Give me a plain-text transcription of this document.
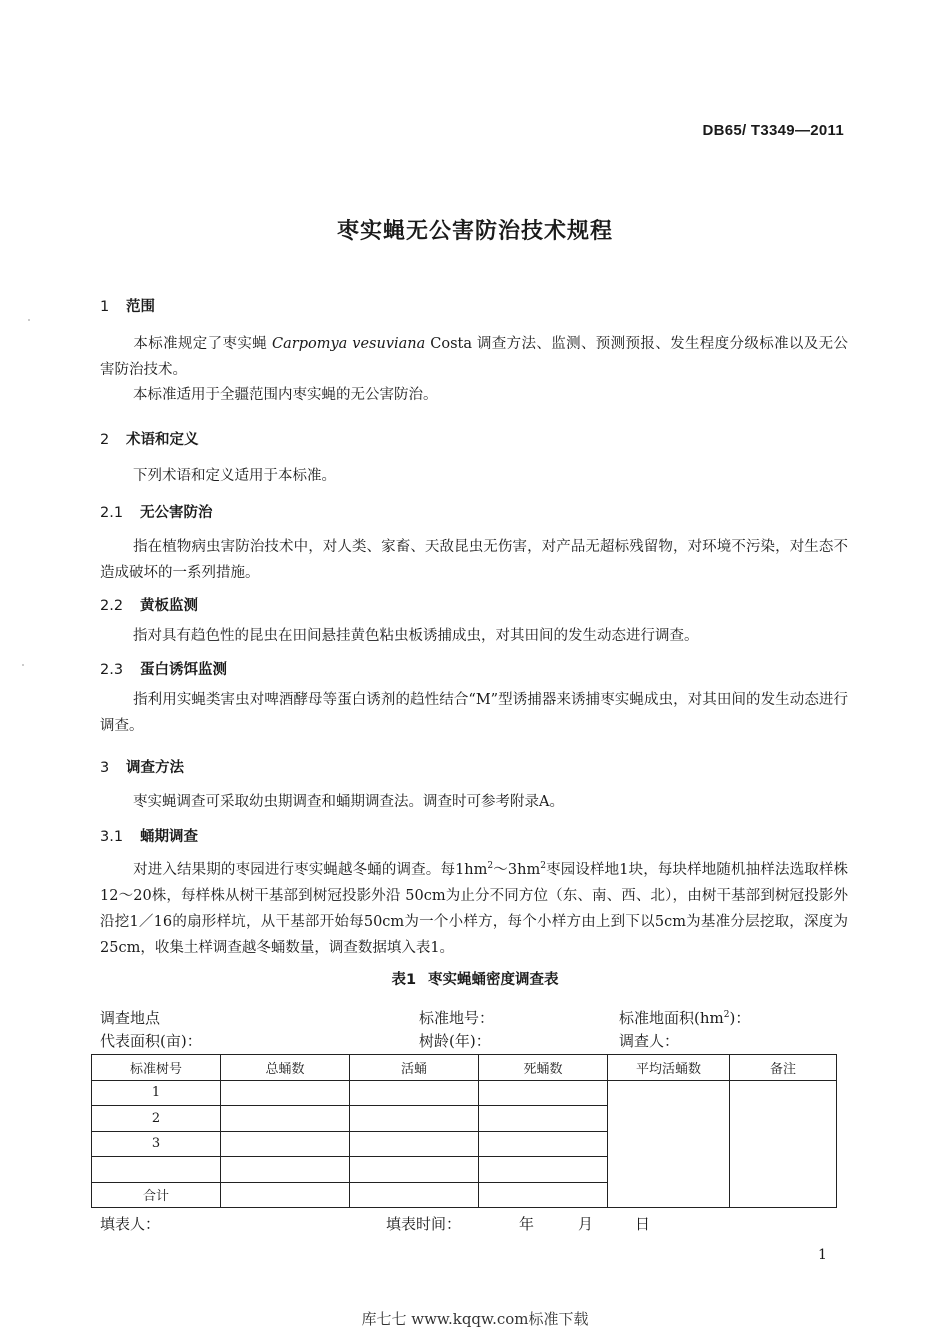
DB65/ T3349—2011
枣实蝇无公害防治技术规程
1 范围
本标准规定了枣实蝇 Carpomya vesuviana Costa 调查方法、监测、预测预报、发生程度分级标准以及无公害防治技术。
本标准适用于全疆范围内枣实蝇的无公害防治。
2 术语和定义
下列术语和定义适用于本标准。
2.1 无公害防治
指在植物病虫害防治技术中，对人类、家畜、天敌昆虫无伤害，对产品无超标残留物，对环境不污染，对生态不造成破坏的一系列措施。
2.2 黄板监测
指对具有趋色性的昆虫在田间悬挂黄色粘虫板诱捕成虫，对其田间的发生动态进行调查。
2.3 蛋白诱饵监测
指利用实蝇类害虫对啤酒酵母等蛋白诱剂的趋性结合“M”型诱捕器来诱捕枣实蝇成虫，对其田间的发生动态进行调查。
3 调查方法
枣实蝇调查可采取幼虫期调查和蛹期调查法。调查时可参考附录A。
3.1 蛹期调查
对进入结果期的枣园进行枣实蝇越冬蛹的调查。每$1hm^2\sim 3hm^2$枣园设样地1块，每块样地随机抽样法选取样株12～20株，每样株从树干基部到树冠投影外沿 50cm为止分不同方位（东、南、西、北），由树干基部到树冠投影外沿挖1／16的扇形样坑，从干基部开始每50cm为一个小样方，每个小样方由上到下以5cm为基准分层挖取，深度为25cm，收集土样调查越冬蛹数量，调查数据填入表1。
表1 枣实蝇蛹密度调查表
调查地点	标准地号：	标准地面积$(hm^2)$：
代表面积(亩)：	树龄(年)：	调查人：
标准树号	总蛹数	活蛹	死蛹数	平均活蛹数	备注
1					
2					
3					

合计					
填表人：	填表时间：	年	月	日
1
库七七 www.kqqw.com标准下载
